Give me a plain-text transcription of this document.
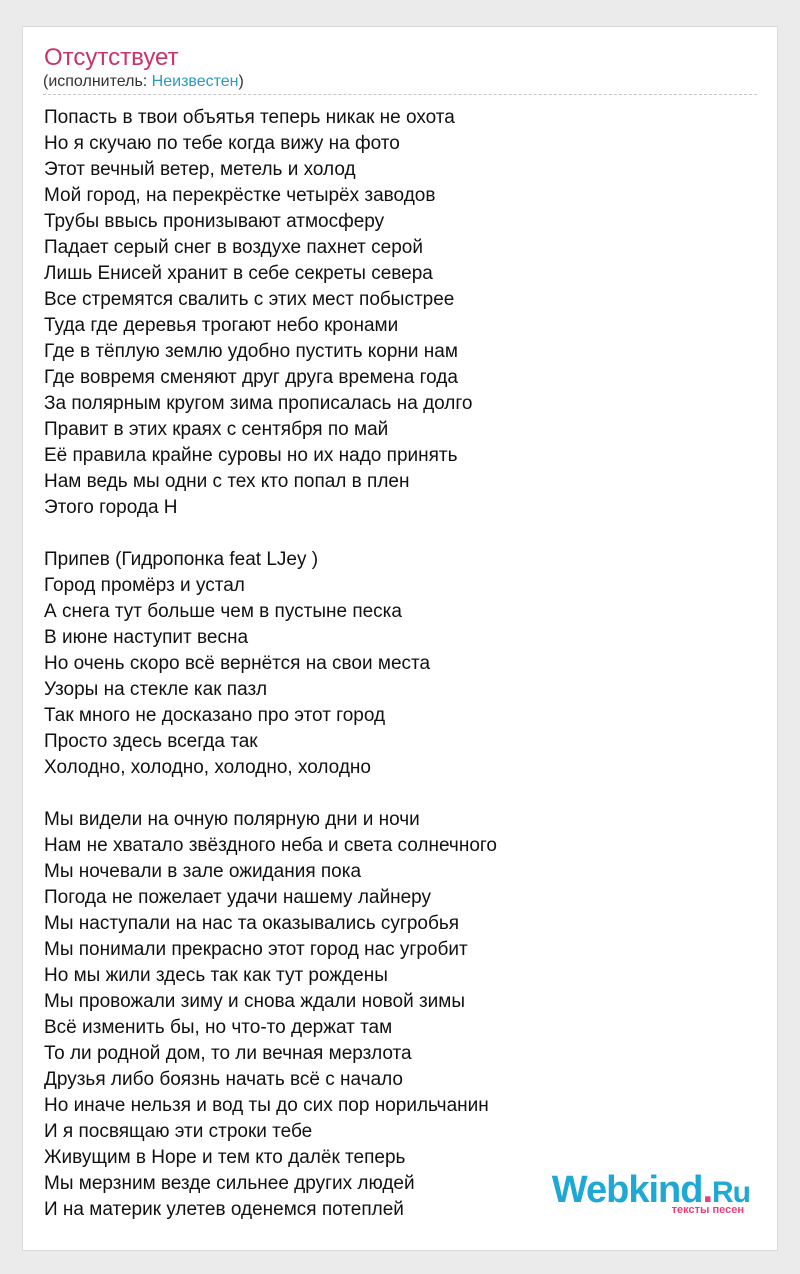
Отсутствует
(исполнитель: Неизвестен)
Попасть в твои объятья теперь никак не охота
Но я скучаю по тебе когда вижу на фото
Этот вечный ветер, метель и холод
Мой город, на перекрёстке четырёх заводов
Трубы ввысь пронизывают атмосферу
Падает серый снег в воздухе пахнет серой
Лишь Енисей хранит в себе секреты севера
Все стремятся свалить с этих мест побыстрее
Туда где деревья трогают небо кронами
Где в тёплую землю удобно пустить корни нам
Где вовремя сменяют друг друга времена года
За полярным кругом зима прописалась на долго
Правит в этих краях с сентября по май
Её правила крайне суровы но их надо принять
Нам ведь мы одни с тех кто попал в плен
Этого города Н
Припев (Гидропонка feat LJey )
Город промёрз и устал
А снега тут больше чем в пустыне песка
В июне наступит весна
Но очень скоро всё вернётся на свои места
Узоры на стекле как пазл
Так много не досказано про этот город
Просто здесь всегда так
Холодно, холодно, холодно, холодно
Мы видели на очную полярную дни и ночи
Нам не хватало звёздного неба и света солнечного
Мы ночевали в зале ожидания пока
Погода не пожелает удачи нашему лайнеру
Мы наступали на нас та оказывались сугробья
Мы понимали прекрасно этот город нас угробит
Но мы жили здесь так как тут рождены
Мы провожали зиму и снова ждали новой зимы
Всё изменить бы, но что-то держат там
То ли родной дом, то ли вечная мерзлота
Друзья либо боязнь начать всё с начало
Но иначе нельзя и вод ты до сих пор норильчанин
И я посвящаю эти строки тебе
Живущим в Норе и тем кто далёк теперь
Мы мерзним везде сильнее других людей
И на материк улетев оденемся потеплей	Webkind.Ru
тексты песен
